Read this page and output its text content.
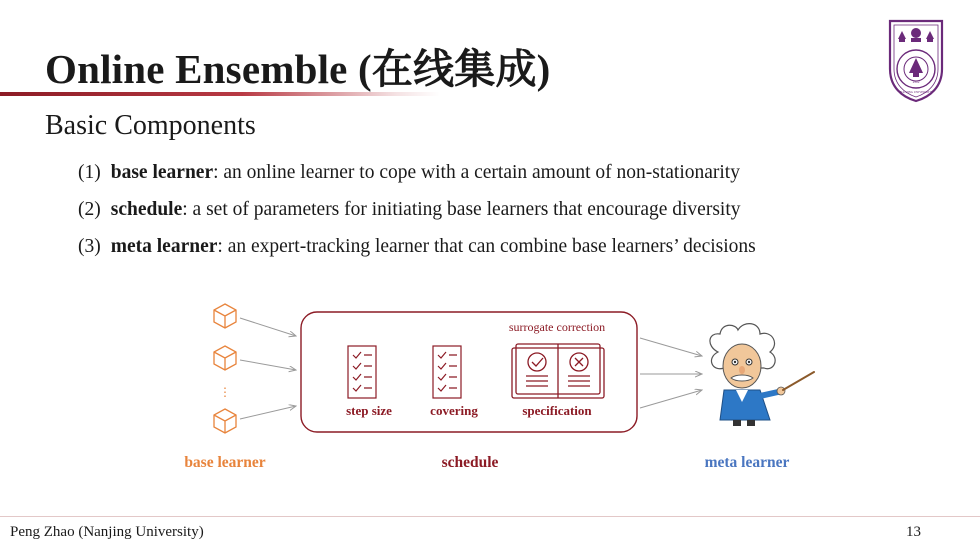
Online Ensemble (在线集成)	1902
NANJING UNIVERSITY
Basic Components
(1) base learner: an online learner to cope with a certain amount of non-stationarity
(2) schedule: a set of parameters for initiating base learners that encourage diversity
(3) meta learner: an expert-tracking learner that can combine base learners’ decisions
⋮
step size	covering
surrogate correction
specification
base learner	schedule	meta learner
Peng Zhao (Nanjing University)	13
